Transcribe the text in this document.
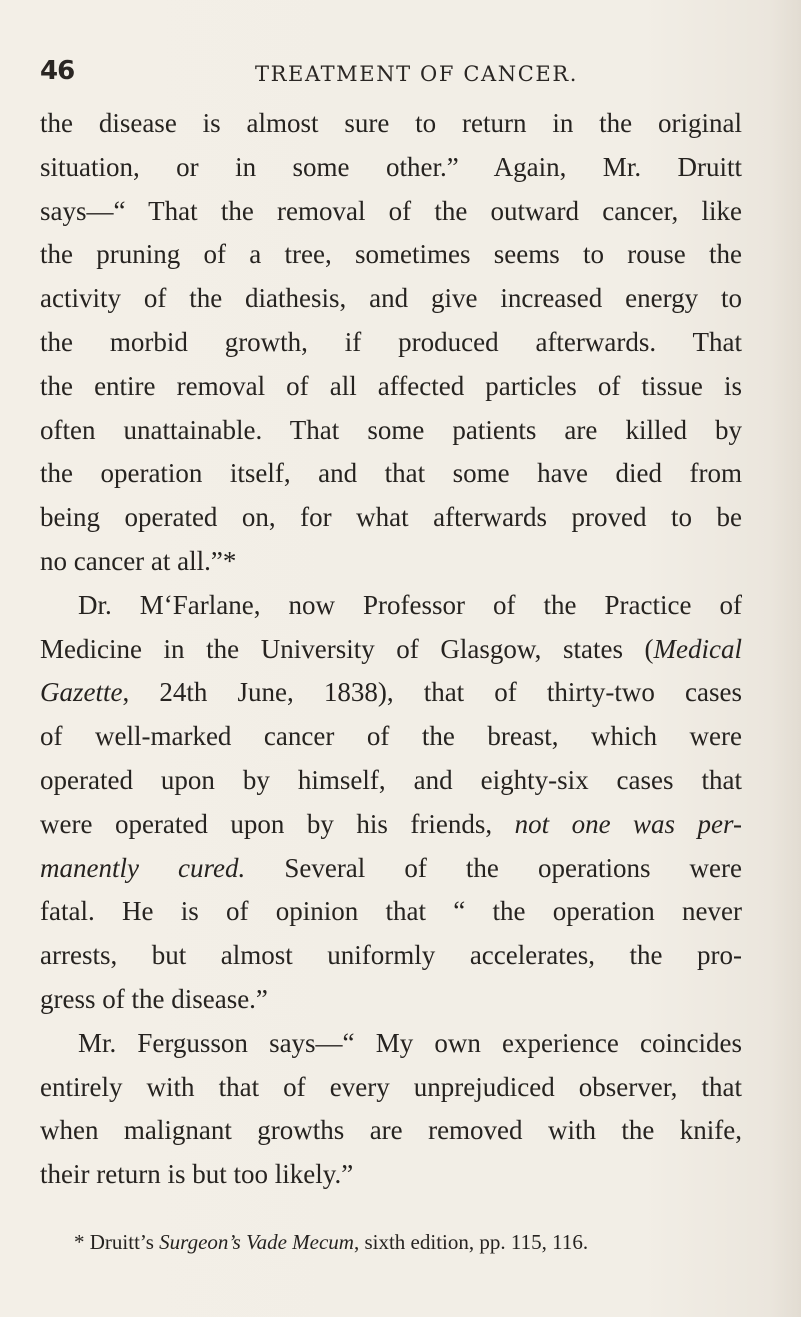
46	TREATMENT OF CANCER.

the disease is almost sure to return in the original
situation, or in some other.” Again, Mr. Druitt
says—“ That the removal of the outward cancer, like
the pruning of a tree, sometimes seems to rouse the
activity of the diathesis, and give increased energy to
the morbid growth, if produced afterwards. That
the entire removal of all affected particles of tissue is
often unattainable. That some patients are killed by
the operation itself, and that some have died from
being operated on, for what afterwards proved to be
no cancer at all.”*

Dr. M‘Farlane, now Professor of the Practice of
Medicine in the University of Glasgow, states (Medical
Gazette, 24th June, 1838), that of thirty-two cases
of well-marked cancer of the breast, which were
operated upon by himself, and eighty-six cases that
were operated upon by his friends, not one was per-
manently cured. Several of the operations were
fatal. He is of opinion that “ the operation never
arrests, but almost uniformly accelerates, the pro-
gress of the disease.”

Mr. Fergusson says—“ My own experience coincides
entirely with that of every unprejudiced observer, that
when malignant growths are removed with the knife,
their return is but too likely.”

* Druitt’s Surgeon’s Vade Mecum, sixth edition, pp. 115, 116.
